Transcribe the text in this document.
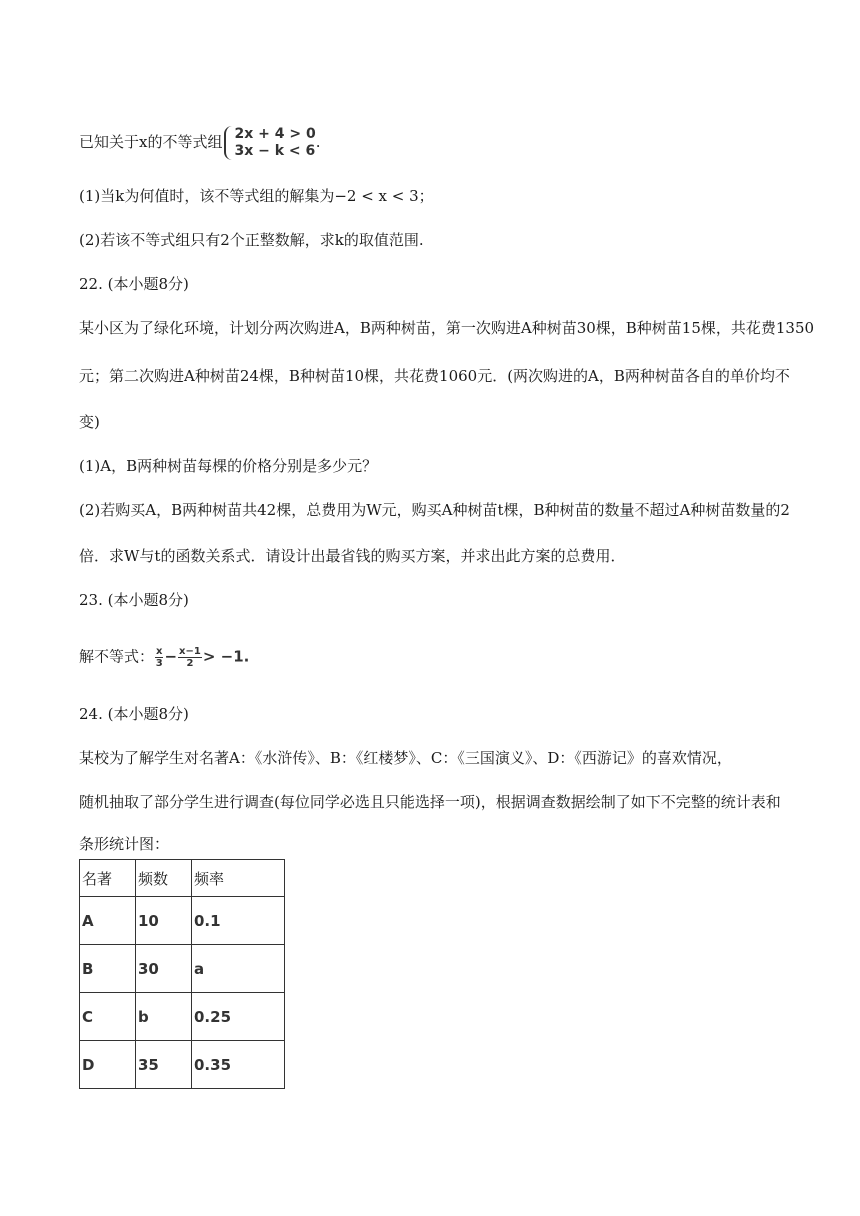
已知关于x的不等式组 2x + 4 > 0
3x − k < 6 .
(1)当k为何值时，该不等式组的解集为−2 < x < 3；
(2)若该不等式组只有2个正整数解，求k的取值范围.
22. (本小题8分)
某小区为了绿化环境，计划分两次购进A，B两种树苗，第一次购进A种树苗30棵，B种树苗15棵，共花费1350
元；第二次购进A种树苗24棵，B种树苗10棵，共花费1060元．(两次购进的A，B两种树苗各自的单价均不
变)
(1)A，B两种树苗每棵的价格分别是多少元？
(2)若购买A，B两种树苗共42棵，总费用为W元，购买A种树苗t棵，B种树苗的数量不超过A种树苗数量的2
倍．求W与t的函数关系式．请设计出最省钱的购买方案，并求出此方案的总费用．
23. (本小题8分)
解不等式： $\frac{x}{3} - \frac{x-1}{2} > -1$.
24. (本小题8分)
某校为了解学生对名著A：《水浒传》、B：《红楼梦》、C：《三国演义》、D：《西游记》的喜欢情况，
随机抽取了部分学生进行调查(每位同学必选且只能选择一项)，根据调查数据绘制了如下不完整的统计表和
条形统计图：
名著	频数	频率
A	10	0.1
B	30	a
C	b	0.25
D	35	0.35
